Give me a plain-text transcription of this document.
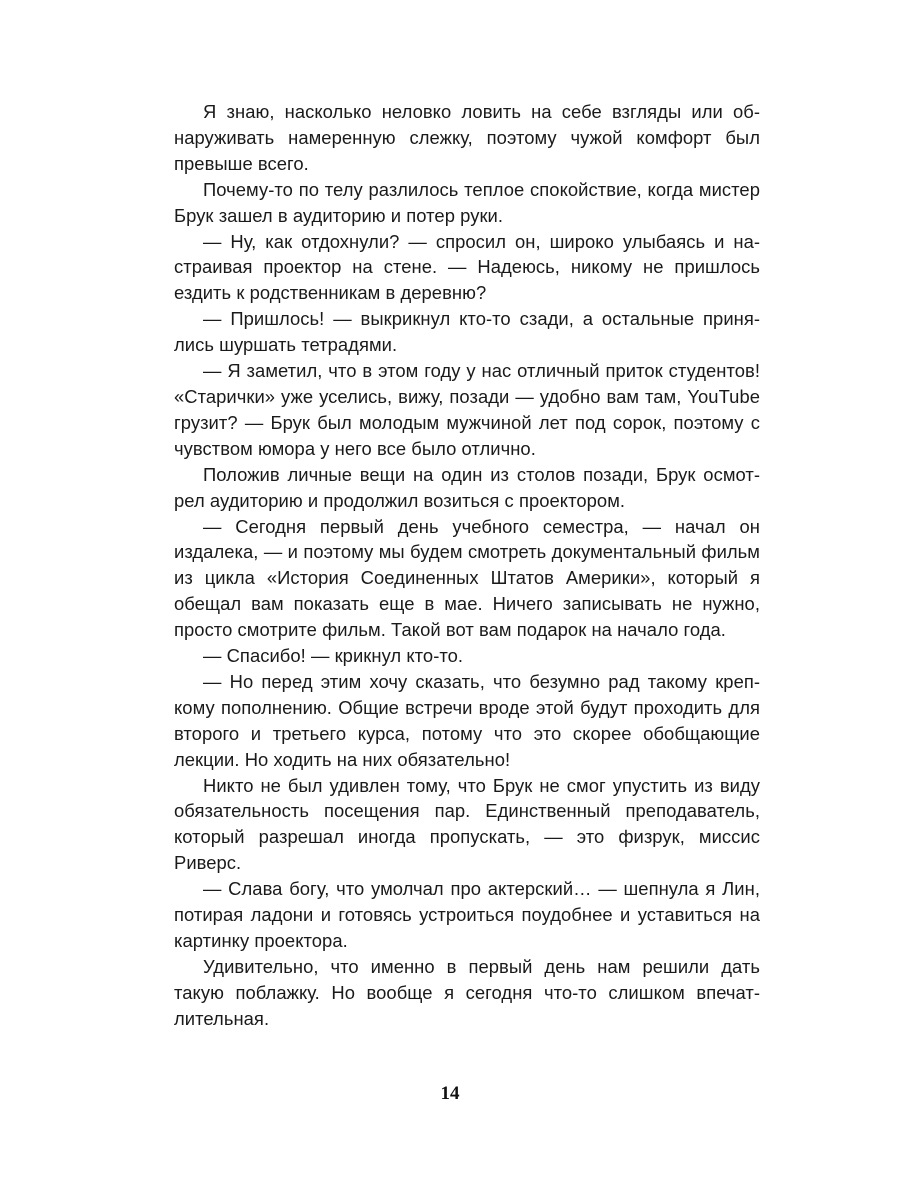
Я знаю, насколько неловко ловить на себе взгляды или обнаруживать намеренную слежку, поэтому чужой комфорт был превыше всего.

Почему-то по телу разлилось теплое спокойствие, когда мистер Брук зашел в аудиторию и потер руки.

— Ну, как отдохнули? — спросил он, широко улыбаясь и настраивая проектор на стене. — Надеюсь, никому не пришлось ездить к родственникам в деревню?

— Пришлось! — выкрикнул кто-то сзади, а остальные принялись шуршать тетрадями.

— Я заметил, что в этом году у нас отличный приток студентов! «Старички» уже уселись, вижу, позади — удобно вам там, YouTube грузит? — Брук был молодым мужчиной лет под сорок, поэтому с чувством юмора у него все было отлично.

Положив личные вещи на один из столов позади, Брук осмотрел аудиторию и продолжил возиться с проектором.

— Сегодня первый день учебного семестра, — начал он издалека, — и поэтому мы будем смотреть документальный фильм из цикла «История Соединенных Штатов Америки», который я обещал вам показать еще в мае. Ничего записывать не нужно, просто смотрите фильм. Такой вот вам подарок на начало года.

— Спасибо! — крикнул кто-то.

— Но перед этим хочу сказать, что безумно рад такому крепкому пополнению. Общие встречи вроде этой будут проходить для второго и третьего курса, потому что это скорее обобщающие лекции. Но ходить на них обязательно!

Никто не был удивлен тому, что Брук не смог упустить из виду обязательность посещения пар. Единственный преподаватель, который разрешал иногда пропускать, — это физрук, миссис Риверс.

— Слава богу, что умолчал про актерский… — шепнула я Лин, потирая ладони и готовясь устроиться поудобнее и уставиться на картинку проектора.

Удивительно, что именно в первый день нам решили дать такую поблажку. Но вообще я сегодня что-то слишком впечатлительная.

14
